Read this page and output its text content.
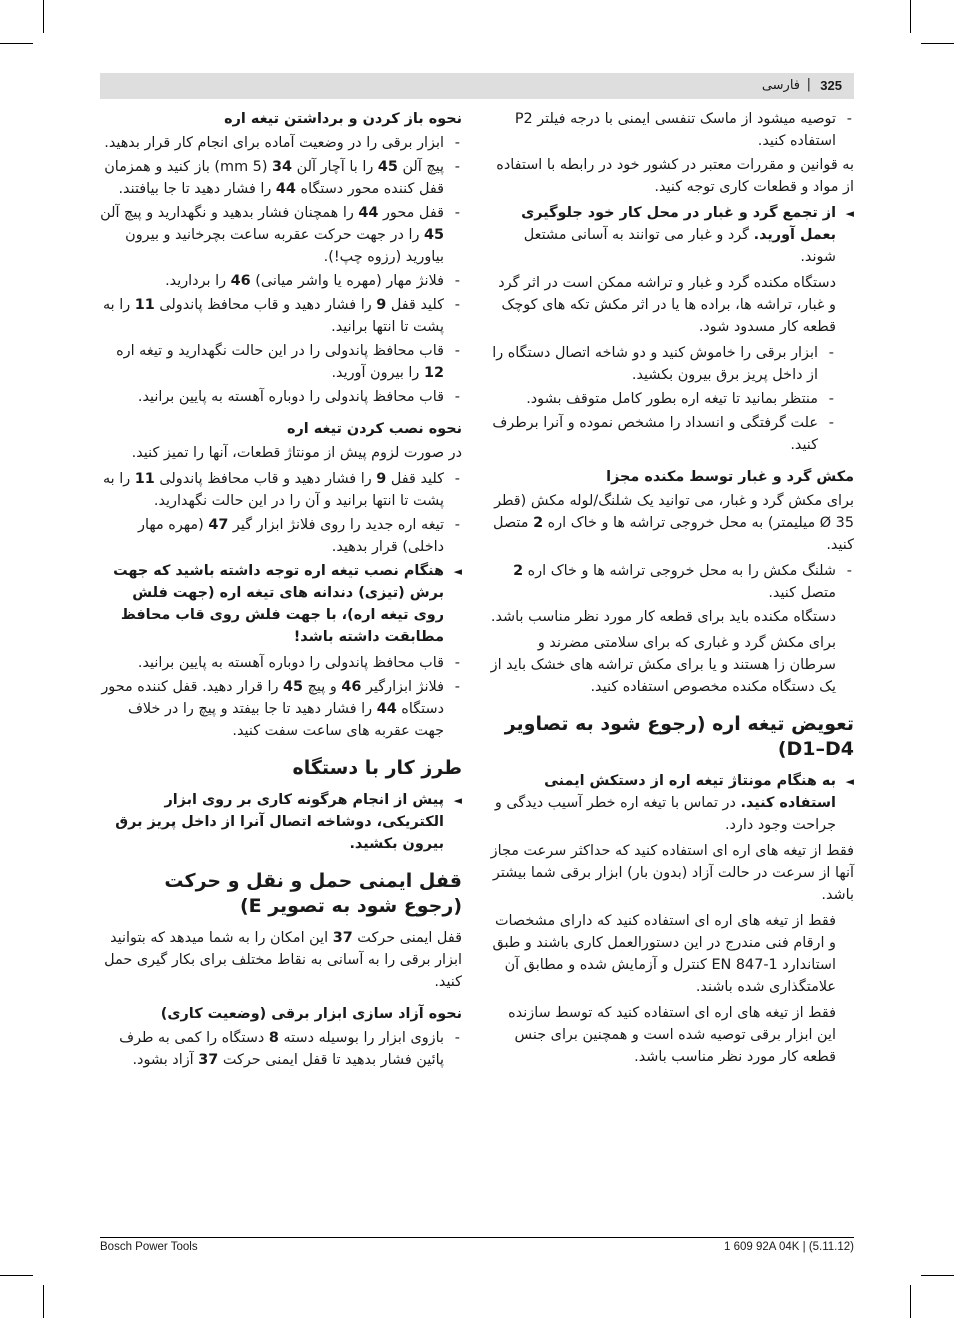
325
|
فارسی
- توصیه میشود از ماسک تنفسی ایمنی با درجه فیلتر P2 استفاده کنید.
به قوانین و مقررات معتبر در کشور خود در رابطه با استفاده از مواد و قطعات کاری توجه کنید.
◄
از تجمع گرد و غبار در محل کار خود جلوگیری بعمل آورید. گرد و غبار می توانند به آسانی مشتعل شوند.
دستگاه مکنده گرد و غبار و تراشه ممکن است در اثر گرد و غبار، تراشه ها، براده ها یا در اثر مکش تکه های کوچک قطعه کار مسدود شود.
- ابزار برقی را خاموش کنید و دو شاخه اتصال دستگاه را از داخل پریز برق بیرون بکشید.
- منتظر بمانید تا تیغه اره بطور کامل متوقف بشود.
- علت گرفتگی و انسداد را مشخص نموده و آنرا برطرف کنید.
مکش گرد و غبار توسط مکنده مجزا
برای مکش گرد و غبار، می توانید یک شلنگ/لوله مکش (قطر Ø 35 میلیمتر) به محل خروجی تراشه ها و خاک اره 2 متصل کنید.
- شلنگ مکش را به محل خروجی تراشه ها و خاک اره 2 متصل کنید.
دستگاه مکنده باید برای قطعه کار مورد نظر مناسب باشد.
برای مکش گرد و غباری که برای سلامتی مضرند و سرطان زا هستند و یا برای مکش تراشه های خشک باید از یک دستگاه مکنده مخصوص استفاده کنید.
تعویض تیغه اره (رجوع شود به تصاویر D1–D4)
◄
به هنگام مونتاژ تیغه اره از دستکش ایمنی استفاده کنید. در تماس با تیغه اره خطر آسیب دیدگی و جراحت وجود دارد.
فقط از تیغه های اره ای استفاده کنید که حداکثر سرعت مجاز آنها از سرعت در حالت آزاد (بدون بار) ابزار برقی شما بیشتر باشد.
فقط از تیغه های اره ای استفاده کنید که دارای مشخصات و ارقام فنی مندرج در این دستورالعمل کاری باشند و طبق استاندارد EN 847-1 کنترل و آزمایش شده و مطابق آن علامتگذاری شده باشند.
فقط از تیغه های اره ای استفاده کنید که توسط سازنده این ابزار برقی توصیه شده است و همچنین برای جنس قطعه کار مورد نظر مناسب باشد.
نحوه باز کردن و برداشتن تیغه اره
- ابزار برقی را در وضعیت آماده برای انجام کار قرار بدهید.
- پیچ آلن 45 را با آچار آلن 34 (5 mm) باز کنید و همزمان قفل کننده محور دستگاه 44 را فشار دهید تا جا بیافتند.
- قفل محور 44 را همچنان فشار بدهید و نگهدارید و پیچ آلن 45 را در جهت حرکت عقربه ساعت بچرخانید و بیرون بیاورید (رزوه چپ!).
- فلانژ مهار (مهره یا واشر میانی) 46 را بردارید.
- کلید قفل 9 را فشار دهید و قاب محافظ پاندولی 11 را به پشت تا انتها برانید.
- قاب محافظ پاندولی را در این حالت نگهدارید و تیغه اره 12 را بیرون آورید.
- قاب محافظ پاندولی را دوباره آهسته به پایین برانید.
نحوه نصب کردن تیغه اره
در صورت لزوم پیش از مونتاژ قطعات، آنها را تمیز کنید.
- کلید قفل 9 را فشار دهید و قاب محافظ پاندولی 11 را به پشت تا انتها برانید و آن را در این حالت نگهدارید.
- تیغه اره جدید را روی فلانژ ابزار گیر 47 (مهره مهار داخلی) قرار بدهید.
◄
هنگام نصب تیغه اره توجه داشته باشید که جهت برش (تیزی) دندانه های تیغه اره (جهت فلش روی تیغه اره)، با جهت فلش روی قاب محافظ مطابقت داشته باشد!
- قاب محافظ پاندولی را دوباره آهسته به پایین برانید.
- فلانژ ابزارگیر 46 و پیچ 45 را قرار دهید. قفل کننده محور دستگاه 44 را فشار دهید تا جا بیفتد و پیچ را در خلاف جهت عقربه های ساعت سفت کنید.
طرز کار با دستگاه
◄
پیش از انجام هرگونه کاری بر روی ابزار الکتریکی، دوشاخه اتصال آنرا از داخل پریز برق بیرون بکشید.
قفل ایمنی حمل و نقل و حرکت (رجوع شود به تصویر E)
قفل ایمنی حرکت 37 این امکان را به شما میدهد که بتوانید ابزار برقی را به آسانی به نقاط مختلف برای بکار گیری حمل کنید.
نحوه آزاد سازی ابزار برقی (وضعیت کاری)
- بازوی ابزار را بوسیله دسته 8 دستگاه را کمی به طرف پائین فشار بدهید تا قفل ایمنی حرکت 37 آزاد بشود.
Bosch Power Tools	1 609 92A 04K | (5.11.12)
